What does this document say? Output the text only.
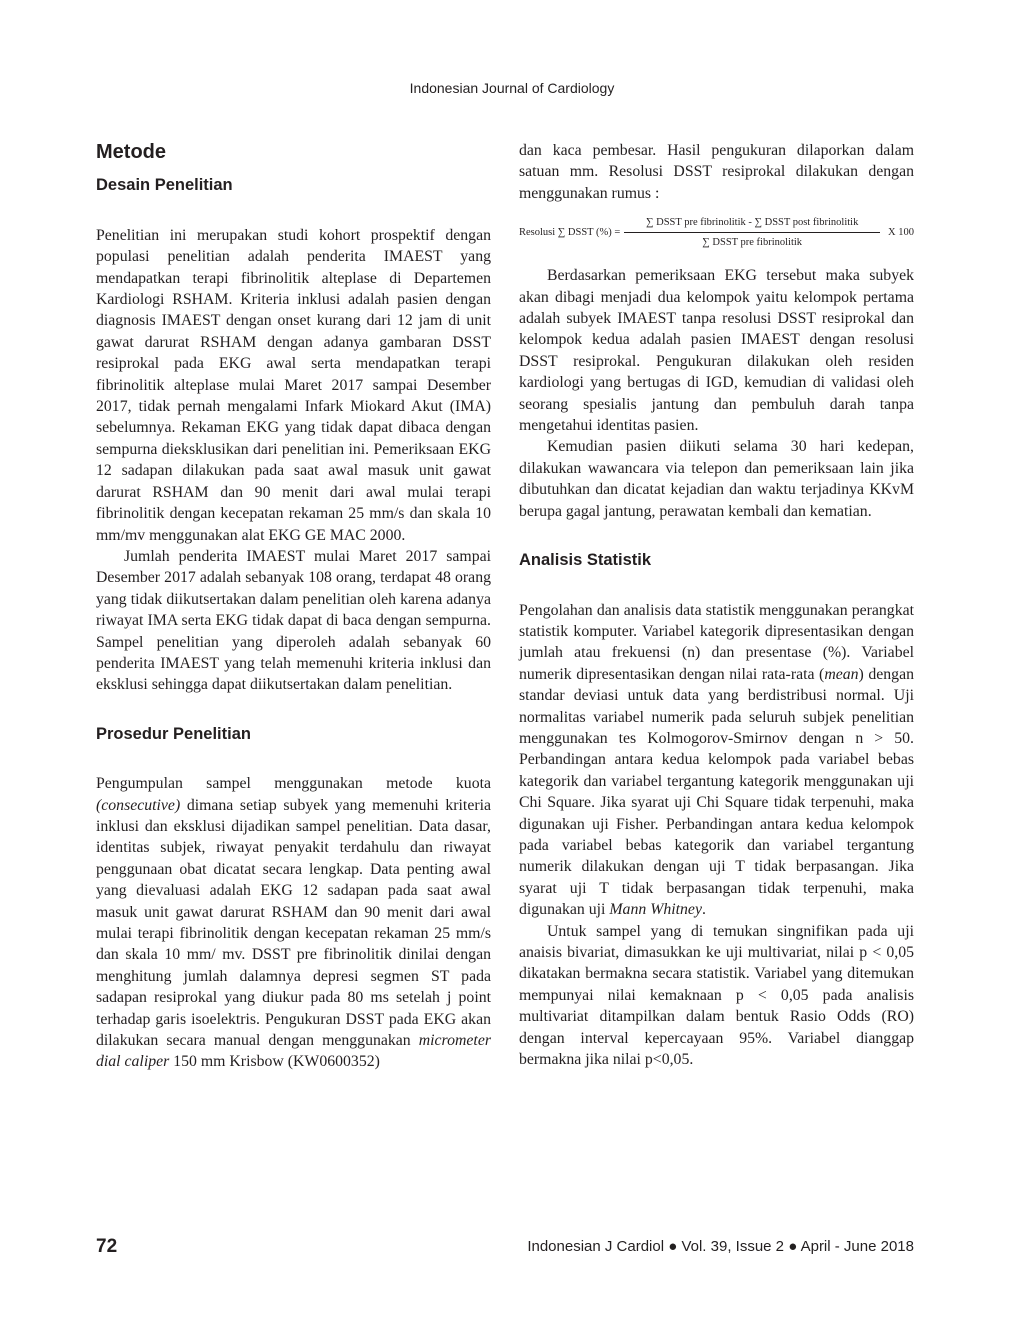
Indonesian Journal of Cardiology
Metode
Desain Penelitian

Penelitian ini merupakan studi kohort prospektif dengan populasi penelitian adalah penderita IMAEST yang mendapatkan terapi fibrinolitik alteplase di Departemen Kardiologi RSHAM. Kriteria inklusi adalah pasien dengan diagnosis IMAEST dengan onset kurang dari 12 jam di unit gawat darurat RSHAM dengan adanya gambaran DSST resiprokal pada EKG awal serta mendapatkan terapi fibrinolitik alteplase mulai Maret 2017 sampai Desember 2017, tidak pernah mengalami Infark Miokard Akut (IMA) sebelumnya. Rekaman EKG yang tidak dapat dibaca dengan sempurna dieksklusikan dari penelitian ini. Pemeriksaan EKG 12 sadapan dilakukan pada saat awal masuk unit gawat darurat RSHAM dan 90 menit dari awal mulai terapi fibrinolitik dengan kecepatan rekaman 25 mm/s dan skala 10 mm/mv menggunakan alat EKG GE MAC 2000.

Jumlah penderita IMAEST mulai Maret 2017 sampai Desember 2017 adalah sebanyak 108 orang, terdapat 48 orang yang tidak diikutsertakan dalam penelitian oleh karena adanya riwayat IMA serta EKG tidak dapat di baca dengan sempurna. Sampel penelitian yang diperoleh adalah sebanyak 60 penderita IMAEST yang telah memenuhi kriteria inklusi dan eksklusi sehingga dapat diikutsertakan dalam penelitian.

Prosedur Penelitian

Pengumpulan sampel menggunakan metode kuota (consecutive) dimana setiap subyek yang memenuhi kriteria inklusi dan eksklusi dijadikan sampel penelitian. Data dasar, identitas subjek, riwayat penyakit terdahulu dan riwayat penggunaan obat dicatat secara lengkap. Data penting awal yang dievaluasi adalah EKG 12 sadapan pada saat awal masuk unit gawat darurat RSHAM dan 90 menit dari awal mulai terapi fibrinolitik dengan kecepatan rekaman 25 mm/s dan skala 10 mm/ mv. DSST pre fibrinolitik dinilai dengan menghitung jumlah dalamnya depresi segmen ST pada sadapan resiprokal yang diukur pada 80 ms setelah j point terhadap garis isoelektris. Pengukuran DSST pada EKG akan dilakukan secara manual dengan menggunakan micrometer dial caliper 150 mm Krisbow (KW0600352)

dan kaca pembesar. Hasil pengukuran dilaporkan dalam satuan mm. Resolusi DSST resiprokal dilakukan dengan menggunakan rumus :

Resolusi ∑ DSST (%) = $\frac{\text{∑ DSST pre fibrinolitik - ∑ DSST post fibrinolitik}}{\text{∑ DSST pre fibrinolitik}}$ X 100

Berdasarkan pemeriksaan EKG tersebut maka subyek akan dibagi menjadi dua kelompok yaitu kelompok pertama adalah subyek IMAEST tanpa resolusi DSST resiprokal dan kelompok kedua adalah pasien IMAEST dengan resolusi DSST resiprokal. Pengukuran dilakukan oleh residen kardiologi yang bertugas di IGD, kemudian di validasi oleh seorang spesialis jantung dan pembuluh darah tanpa mengetahui identitas pasien.

Kemudian pasien diikuti selama 30 hari kedepan, dilakukan wawancara via telepon dan pemeriksaan lain jika dibutuhkan dan dicatat kejadian dan waktu terjadinya KKvM berupa gagal jantung, perawatan kembali dan kematian.

Analisis Statistik

Pengolahan dan analisis data statistik menggunakan perangkat statistik komputer. Variabel kategorik dipresentasikan dengan jumlah atau frekuensi (n) dan presentase (%). Variabel numerik dipresentasikan dengan nilai rata-rata (mean) dengan standar deviasi untuk data yang berdistribusi normal. Uji normalitas variabel numerik pada seluruh subjek penelitian menggunakan tes Kolmogorov-Smirnov dengan n > 50. Perbandingan antara kedua kelompok pada variabel bebas kategorik dan variabel tergantung kategorik menggunakan uji Chi Square. Jika syarat uji Chi Square tidak terpenuhi, maka digunakan uji Fisher. Perbandingan antara kedua kelompok pada variabel bebas kategorik dan variabel tergantung numerik dilakukan dengan uji T tidak berpasangan. Jika syarat uji T tidak berpasangan tidak terpenuhi, maka digunakan uji Mann Whitney.

Untuk sampel yang di temukan singnifikan pada uji anaisis bivariat, dimasukkan ke uji multivariat, nilai p < 0,05 dikatakan bermakna secara statistik. Variabel yang ditemukan mempunyai nilai kemaknaan p < 0,05 pada analisis multivariat ditampilkan dalam bentuk Rasio Odds (RO) dengan interval kepercayaan 95%. Variabel dianggap bermakna jika nilai p<0,05.

72	Indonesian J Cardiol ● Vol. 39, Issue 2 ● April - June 2018
